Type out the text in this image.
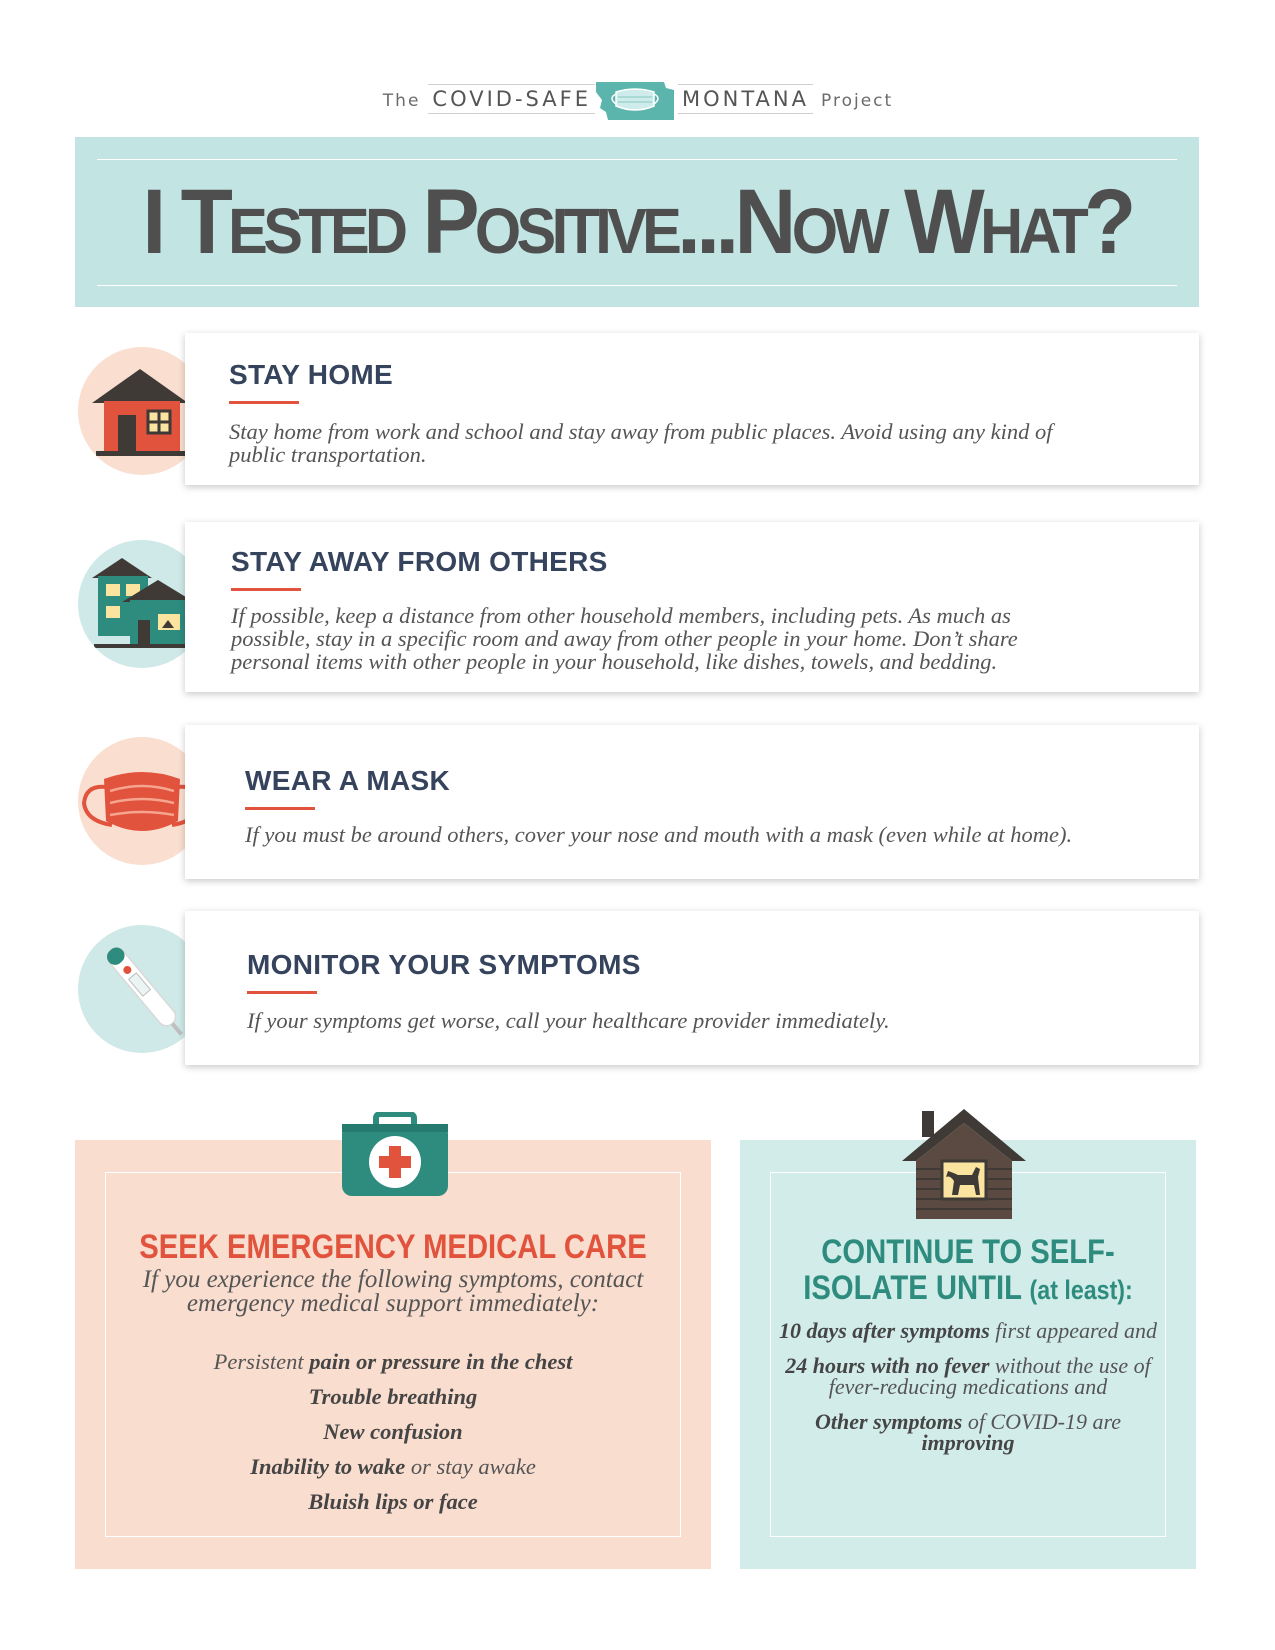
The COVID-SAFE	MONTANA Project
I Tested Positive...Now What?
STAY HOME
Stay home from work and school and stay away from public places. Avoid using any kind of public transportation.
STAY AWAY FROM OTHERS
If possible, keep a distance from other household members, including pets. As much as possible, stay in a specific room and away from other people in your home. Don’t share personal items with other people in your household, like dishes, towels, and bedding.
WEAR A MASK
If you must be around others, cover your nose and mouth with a mask (even while at home).
MONITOR YOUR SYMPTOMS
If your symptoms get worse, call your healthcare provider immediately.
SEEK EMERGENCY MEDICAL CARE
If you experience the following symptoms, contact emergency medical support immediately:
Persistent pain or pressure in the chest
Trouble breathing
New confusion
Inability to wake or stay awake
Bluish lips or face
CONTINUE TO SELF-ISOLATE UNTIL (at least):
10 days after symptoms first appeared and
24 hours with no fever without the use of fever-reducing medications and
Other symptoms of COVID-19 are improving
